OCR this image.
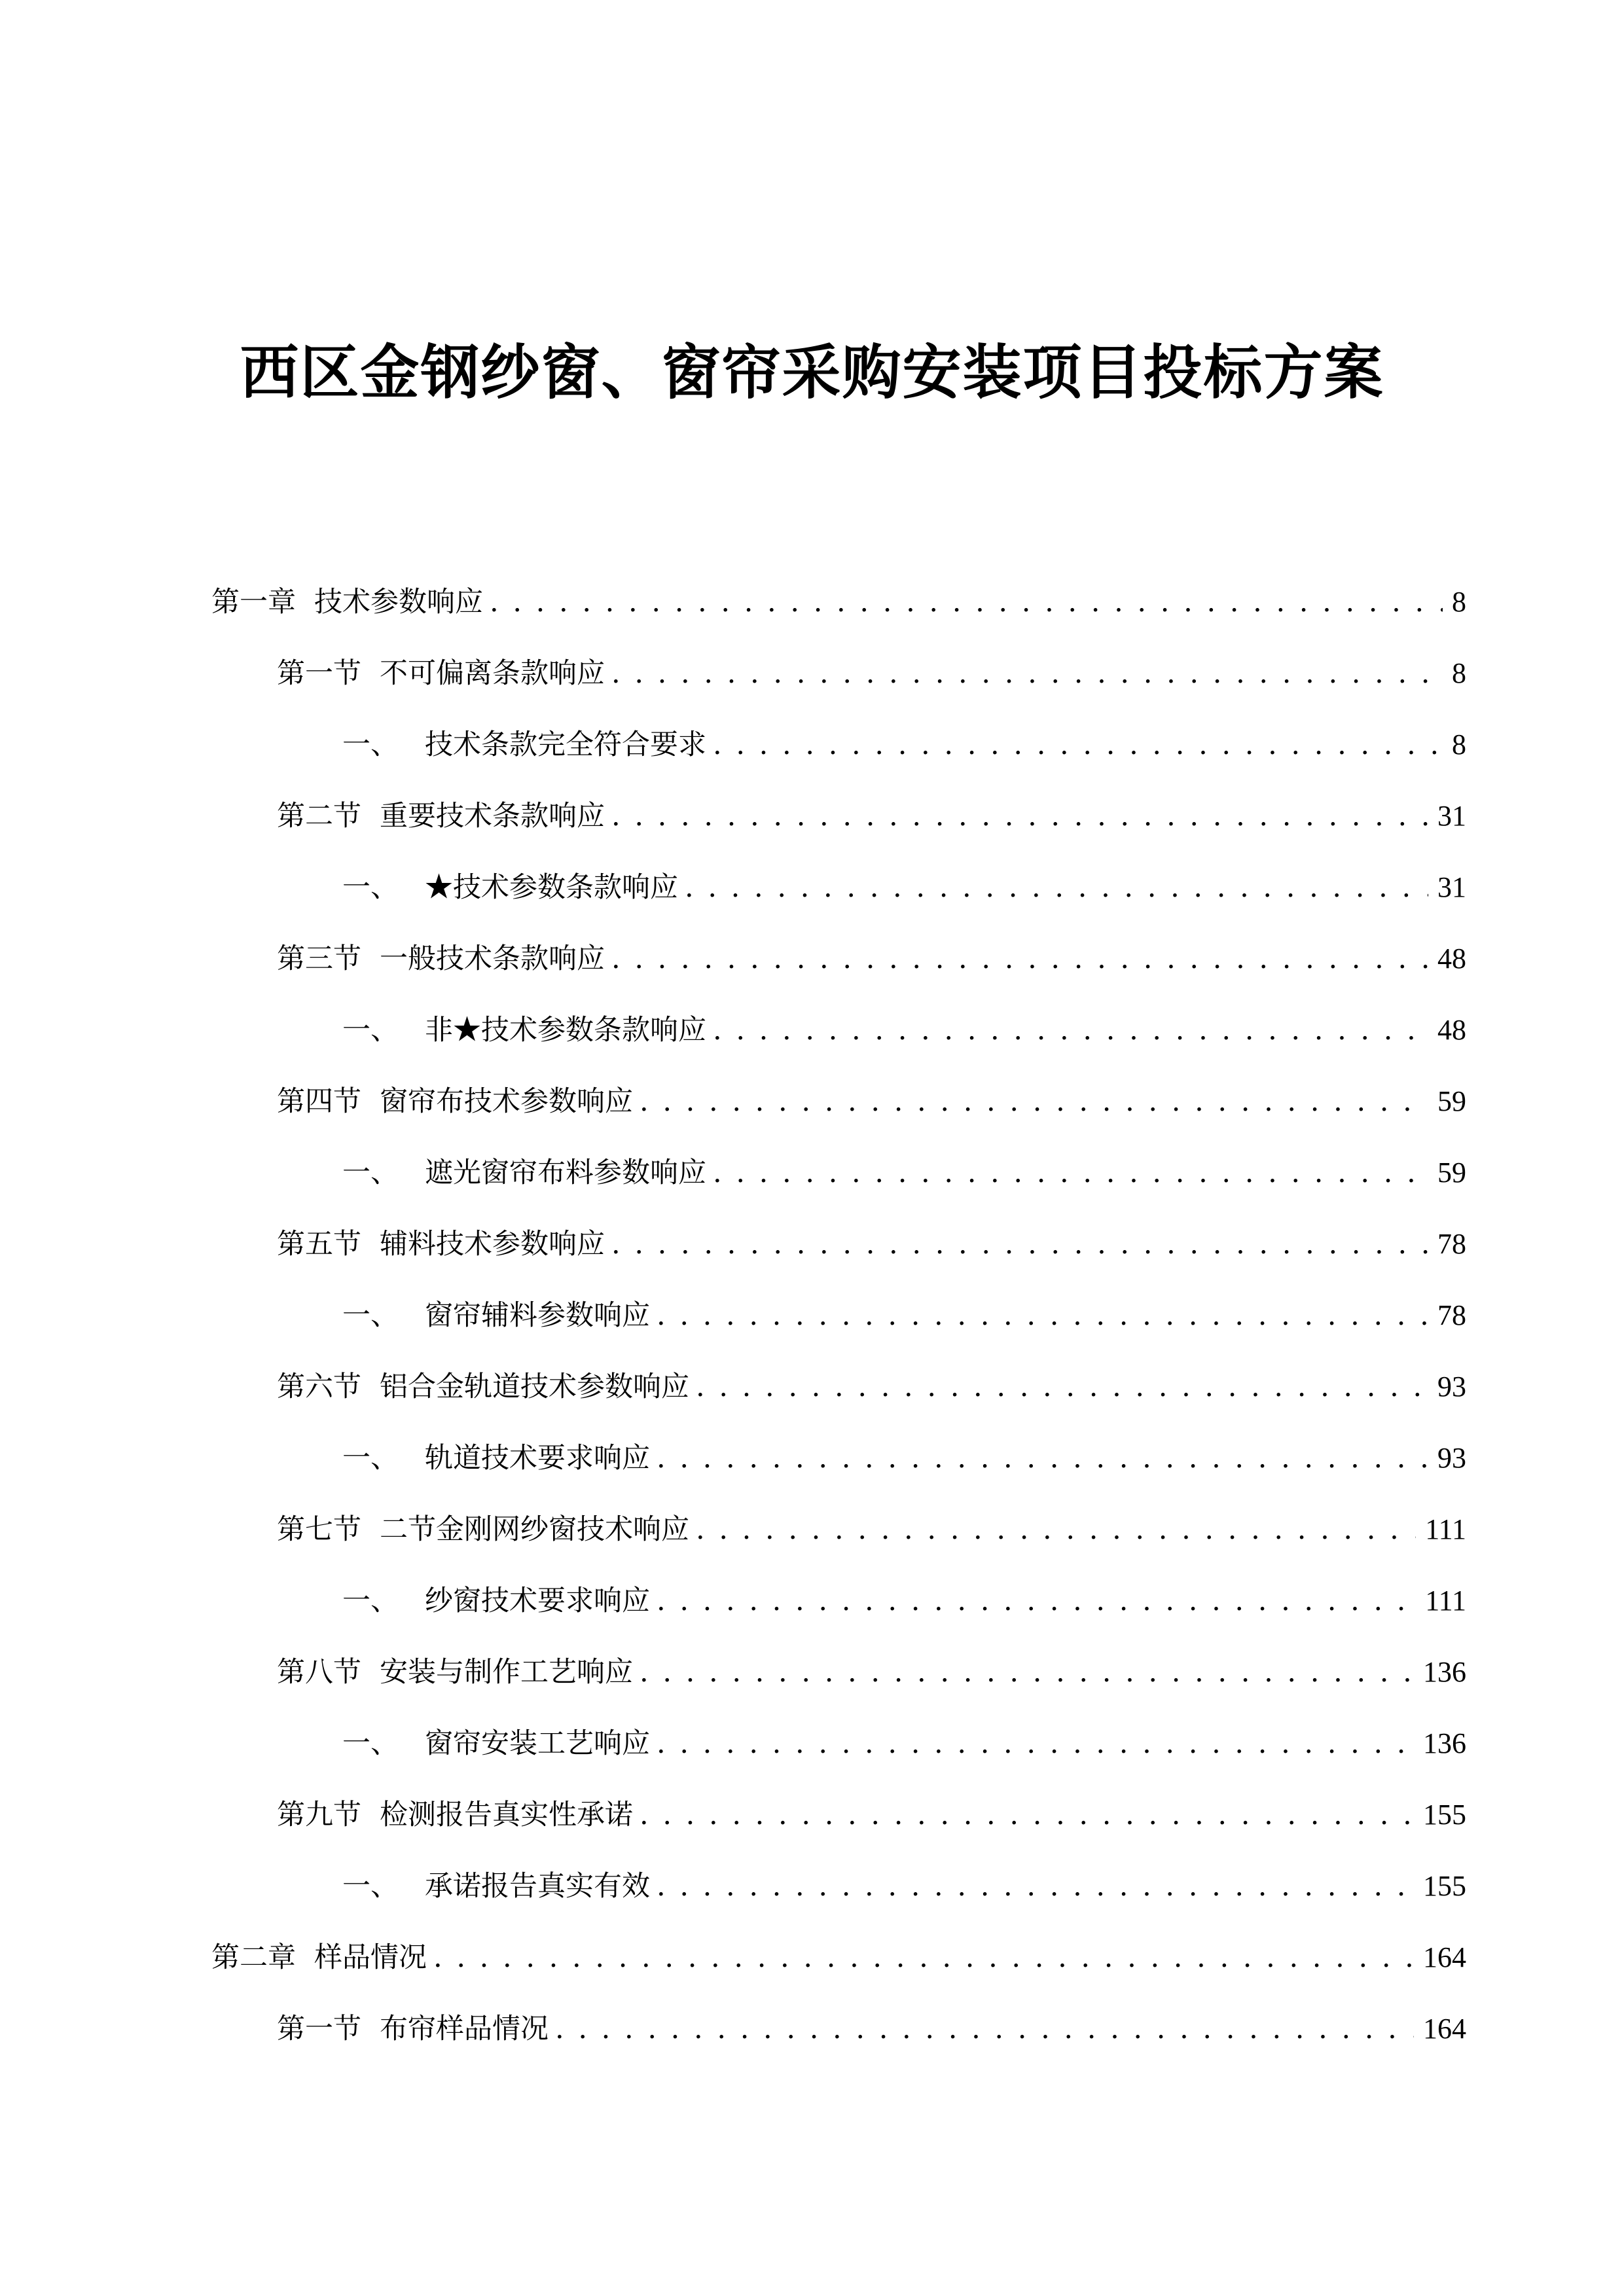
西区金钢纱窗、窗帘采购安装项目投标方案
第一章 技术参数响应 . . .	8
第一节 不可偏离条款响应 . . .	8
一、 技术条款完全符合要求 . . .	8
第二节 重要技术条款响应 . . .	31
一、 ★技术参数条款响应 . . .	31
第三节 一般技术条款响应 . . .	48
一、 非★技术参数条款响应 . . .	48
第四节 窗帘布技术参数响应 . . .	59
一、 遮光窗帘布料参数响应 . . .	59
第五节 辅料技术参数响应 . . .	78
一、 窗帘辅料参数响应 . . .	78
第六节 铝合金轨道技术参数响应 . . .	93
一、 轨道技术要求响应 . . .	93
第七节 二节金刚网纱窗技术响应 . . .	111
一、 纱窗技术要求响应 . . .	111
第八节 安装与制作工艺响应 . . .	136
一、 窗帘安装工艺响应 . . .	136
第九节 检测报告真实性承诺 . . .	155
一、 承诺报告真实有效 . . .	155
第二章 样品情况 . . .	164
第一节 布帘样品情况 . . .	164
